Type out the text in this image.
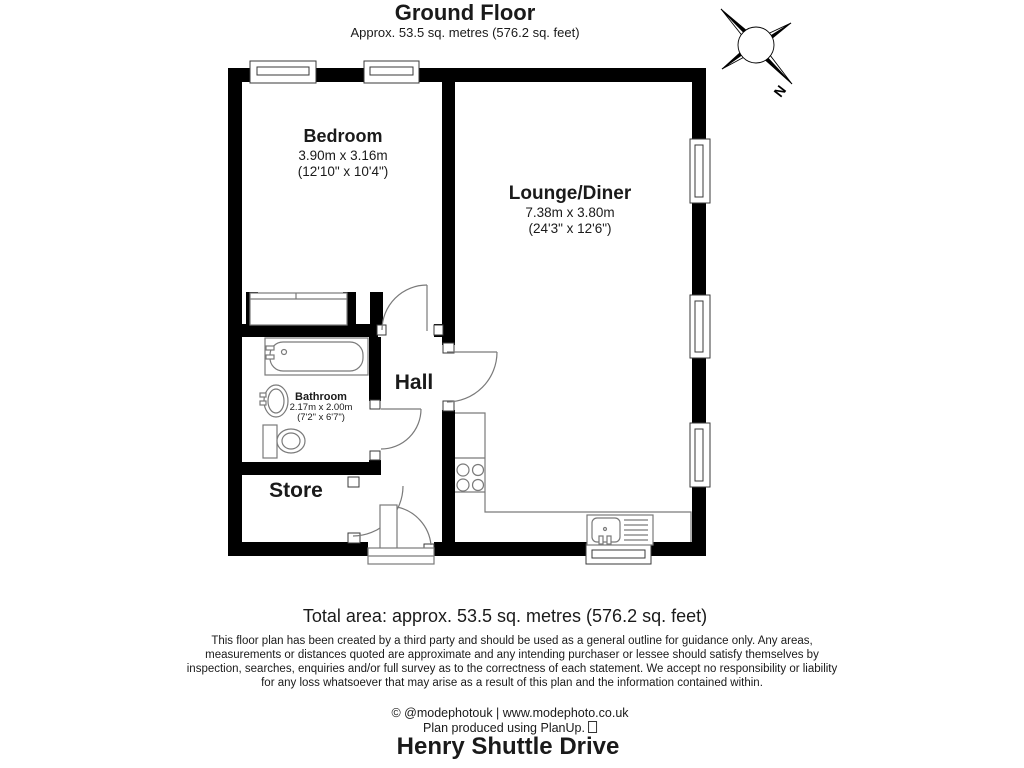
N
Ground Floor
Approx. 53.5 sq. metres (576.2 sq. feet)
Bedroom
3.90m x 3.16m
(12'10" x 10'4")
Lounge/Diner
7.38m x 3.80m
(24'3" x 12'6")
Hall
Store
Bathroom
2.17m x 2.00m
(7'2" x 6'7")
Total area: approx. 53.5 sq. metres (576.2 sq. feet)
This floor plan has been created by a third party and should be used as a general outline for guidance only. Any areas,
measurements or distances quoted are approximate and any intending purchaser or lessee should satisfy themselves by
inspection, searches, enquiries and/or full survey as to the correctness of each statement. We accept no responsibility or liability
for any loss whatsoever that may arise as a result of this plan and the information contained within.
© @modephotouk | www.modephoto.co.uk
Plan produced using PlanUp.
Henry Shuttle Drive
